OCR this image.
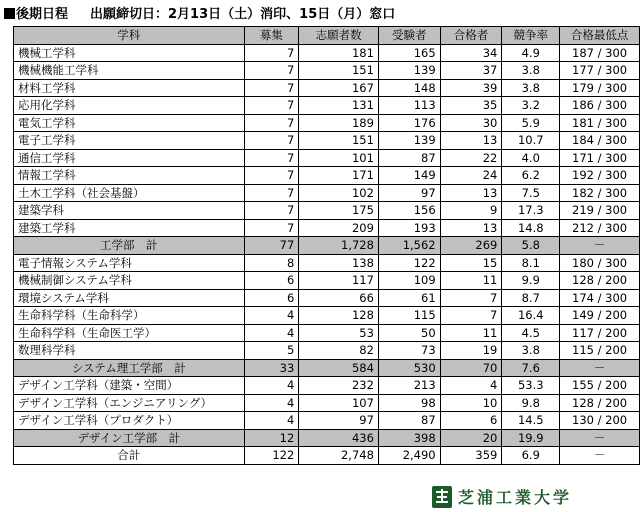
後期日程 出願締切日：2月13日（土）消印、15日（月）窓口
学科	募集	志願者数	受験者	合格者	競争率	合格最低点
機械工学科	7	181	165	34	4.9	187 / 300
機械機能工学科	7	151	139	37	3.8	177 / 300
材料工学科	7	167	148	39	3.8	179 / 300
応用化学科	7	131	113	35	3.2	186 / 300
電気工学科	7	189	176	30	5.9	181 / 300
電子工学科	7	151	139	13	10.7	184 / 300
通信工学科	7	101	87	22	4.0	171 / 300
情報工学科	7	171	149	24	6.2	192 / 300
土木工学科（社会基盤）	7	102	97	13	7.5	182 / 300
建築学科	7	175	156	9	17.3	219 / 300
建築工学科	7	209	193	13	14.8	212 / 300
工学部　計	77	1,728	1,562	269	5.8	－
電子情報システム学科	8	138	122	15	8.1	180 / 300
機械制御システム学科	6	117	109	11	9.9	128 / 200
環境システム学科	6	66	61	7	8.7	174 / 300
生命科学科（生命科学）	4	128	115	7	16.4	149 / 200
生命科学科（生命医工学）	4	53	50	11	4.5	117 / 200
数理科学科	5	82	73	19	3.8	115 / 200
システム理工学部　計	33	584	530	70	7.6	－
デザイン工学科（建築・空間）	4	232	213	4	53.3	155 / 200
デザイン工学科（エンジニアリング）	4	107	98	10	9.8	128 / 200
デザイン工学科（プロダクト）	4	97	87	6	14.5	130 / 200
デザイン工学部　計	12	436	398	20	19.9	－
合計	122	2,748	2,490	359	6.9	－
芝浦工業大学
